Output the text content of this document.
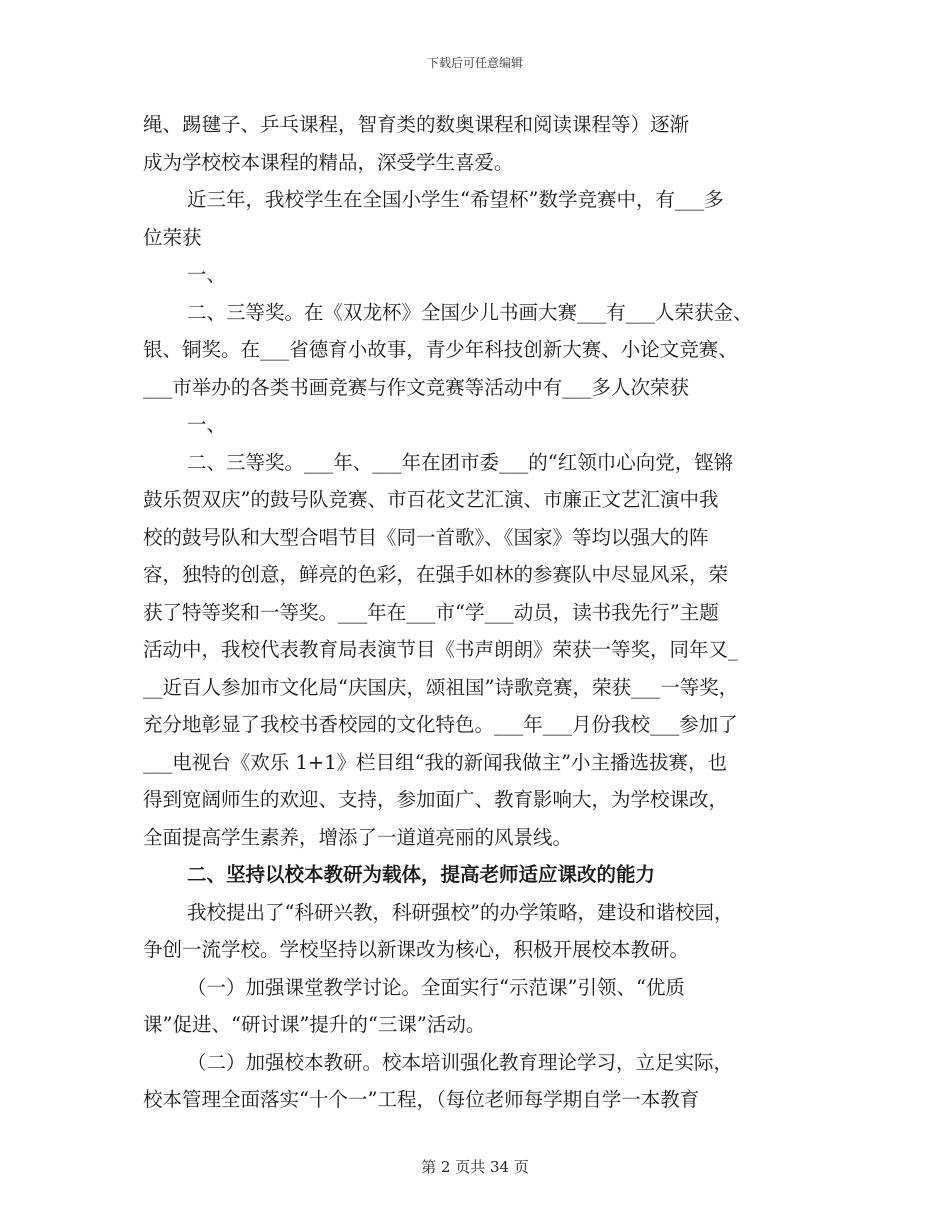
下载后可任意编辑
绳、踢毽子、乒乓课程，智育类的数奥课程和阅读课程等）逐渐
成为学校校本课程的精品，深受学生喜爱。
近三年，我校学生在全国小学生“希望杯”数学竞赛中，有___多
位荣获
一、
二、三等奖。在《双龙杯》全国少儿书画大赛___有___人荣获金、
银、铜奖。在___省德育小故事，青少年科技创新大赛、小论文竞赛、
___市举办的各类书画竞赛与作文竞赛等活动中有___多人次荣获
一、
二、三等奖。___年、___年在团市委___的“红领巾心向党，铿锵
鼓乐贺双庆”的鼓号队竞赛、市百花文艺汇演、市廉正文艺汇演中我
校的鼓号队和大型合唱节目《同一首歌》、《国家》等均以强大的阵
容，独特的创意，鲜亮的色彩，在强手如林的参赛队中尽显风采，荣
获了特等奖和一等奖。___年在___市“学___动员，读书我先行”主题
活动中，我校代表教育局表演节目《书声朗朗》荣获一等奖，同年又_
__近百人参加市文化局“庆国庆，颂祖国”诗歌竞赛，荣获___一等奖，
充分地彰显了我校书香校园的文化特色。___年___月份我校___参加了
___电视台《欢乐 1+1》栏目组“我的新闻我做主”小主播选拔赛，也
得到宽阔师生的欢迎、支持，参加面广、教育影响大，为学校课改，
全面提高学生素养，增添了一道道亮丽的风景线。
二、坚持以校本教研为载体，提高老师适应课改的能力
我校提出了“科研兴教，科研强校”的办学策略，建设和谐校园，
争创一流学校。学校坚持以新课改为核心，积极开展校本教研。
（一）加强课堂教学讨论。全面实行“示范课”引领、“优质
课”促进、“研讨课”提升的“三课”活动。
（二）加强校本教研。校本培训强化教育理论学习，立足实际，
校本管理全面落实“十个一”工程，（每位老师每学期自学一本教育
第 2 页共 34 页
